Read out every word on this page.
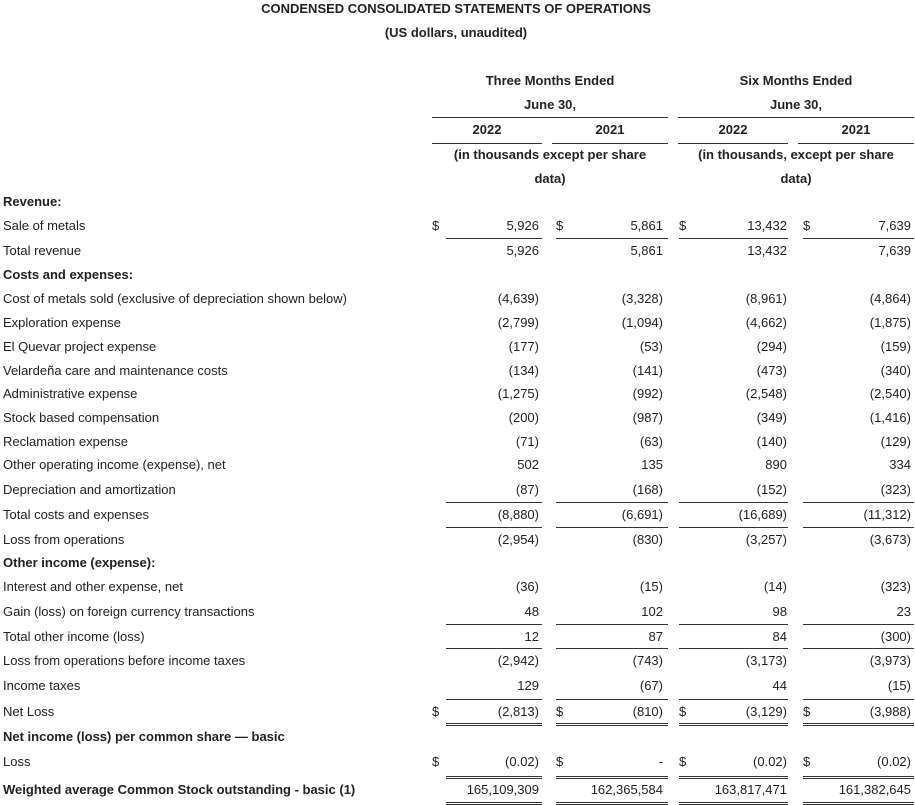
CONDENSED CONSOLIDATED STATEMENTS OF OPERATIONS
(US dollars, unaudited)
Three Months Ended
June 30,
2022	2021
(in thousands except per share
data)
Six Months Ended
June 30,
2022	2021
(in thousands, except per share
data)
Revenue:
Sale of metals	$	5,926 $	5,861 $	13,432 $	7,639
Total revenue	5,926	5,861	13,432	7,639
Costs and expenses:
Cost of metals sold (exclusive of depreciation shown below)	(4,639)	(3,328)	(8,961)	(4,864)
Exploration expense	(2,799)	(1,094)	(4,662)	(1,875)
El Quevar project expense	(177)	(53)	(294)	(159)
Velardeña care and maintenance costs	(134)	(141)	(473)	(340)
Administrative expense	(1,275)	(992)	(2,548)	(2,540)
Stock based compensation	(200)	(987)	(349)	(1,416)
Reclamation expense	(71)	(63)	(140)	(129)
Other operating income (expense), net	502	135	890	334
Depreciation and amortization	(87)	(168)	(152)	(323)
Total costs and expenses	(8,880)	(6,691)	(16,689)	(11,312)
Loss from operations	(2,954)	(830)	(3,257)	(3,673)
Other income (expense):
Interest and other expense, net	(36)	(15)	(14)	(323)
Gain (loss) on foreign currency transactions	48	102	98	23
Total other income (loss)	12	87	84	(300)
Loss from operations before income taxes	(2,942)	(743)	(3,173)	(3,973)
Income taxes	129	(67)	44	(15)
Net Loss	$	(2,813) $	(810) $	(3,129) $	(3,988)
Net income (loss) per common share — basic
Loss	$	(0.02) $	- $	(0.02) $	(0.02)
Weighted average Common Stock outstanding - basic (1)	165,109,309	162,365,584	163,817,471	161,382,645
